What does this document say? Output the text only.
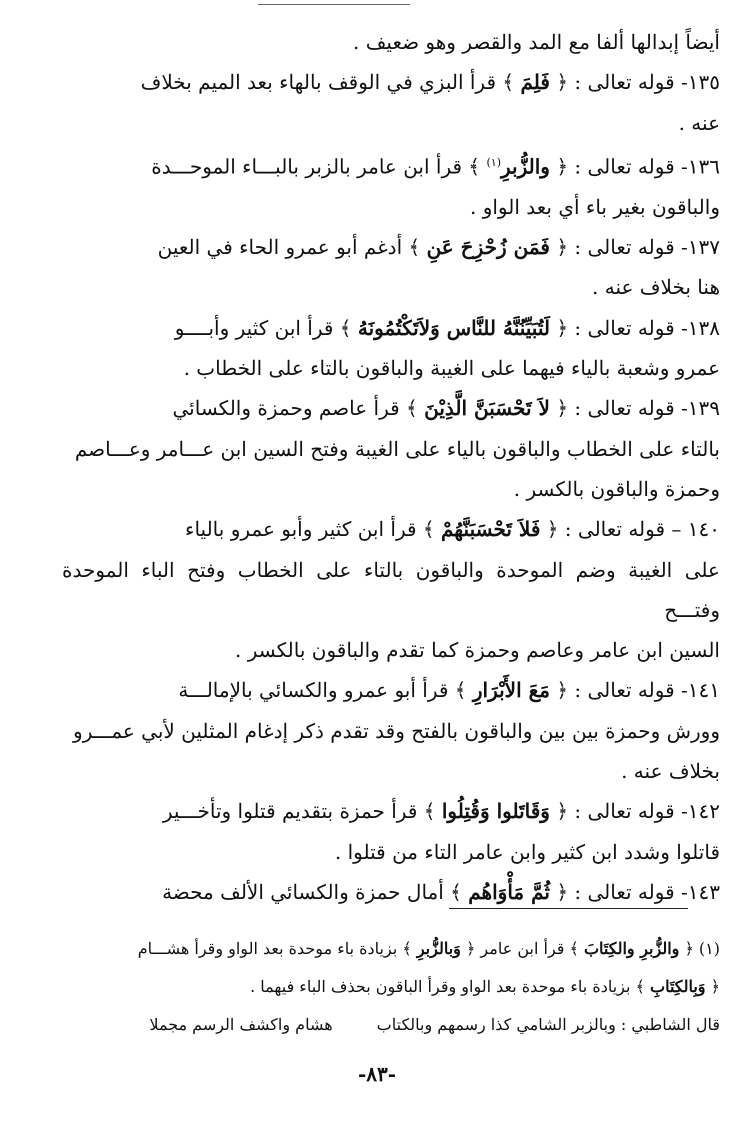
أيضاً إبدالها ألفا مع المد والقصر وهو ضعيف .

١٣٥- قوله تعالى : ﴿ فَلِمَ ﴾ قرأ البزي في الوقف بالهاء بعد الميم بخلاف
عنه .

١٣٦- قوله تعالى : ﴿ والزُّبرِ$^{(١)}$ ﴾ قرأ ابن عامر بالزبر بالبـــاء الموحـــدة
والباقون بغير باء أي بعد الواو .

١٣٧- قوله تعالى : ﴿ فَمَن زُحْزِحَ عَنِ ﴾ أدغم أبو عمرو الحاء في العين
هنا بخلاف عنه .

١٣٨- قوله تعالى : ﴿ لَتُبَيِّنُنَّهُ للنَّاس وَلاَتَكْتُمُونَهُ ﴾ قرأ ابن كثير وأبــــو
عمرو وشعبة بالياء فيهما على الغيبة والباقون بالتاء على الخطاب .

١٣٩- قوله تعالى : ﴿ لاَ تَحْسَبَنَّ الَّذِيْنَ ﴾ قرأ عاصم وحمزة والكسائي
بالتاء على الخطاب والباقون بالياء على الغيبة وفتح السين ابن عـــامر وعـــاصم
وحمزة والباقون بالكسر .

١٤٠ – قوله تعالى : ﴿ فَلاَ تَحْسَبَنَّهُمْ ﴾ قرأ ابن كثير وأبو عمرو بالياء
على الغيبة وضم الموحدة والباقون بالتاء على الخطاب وفتح الباء الموحدة وفتـــح
السين ابن عامر وعاصم وحمزة كما تقدم والباقون بالكسر .

١٤١- قوله تعالى : ﴿ مَعَ الأَبْرَارِ ﴾ قرأ أبو عمرو والكسائي بالإمالـــة
وورش وحمزة بين بين والباقون بالفتح وقد تقدم ذكر إدغام المثلين لأبي عمـــرو
بخلاف عنه .

١٤٢- قوله تعالى : ﴿ وَقَاتَلوا وَقُتِلُوا ﴾ قرأ حمزة بتقديم قتلوا وتأخـــير
قاتلوا وشدد ابن كثير وابن عامر التاء من قتلوا .

١٤٣- قوله تعالى : ﴿ ثُمَّ مَأْوَاهُم ﴾ أمال حمزة والكسائي الألف محضة

(١) ﴿ والزُّبرِ والكِتَابَ ﴾ قرأ ابن عامر ﴿ وَبالزُّبرِ ﴾ بزيادة باء موحدة بعد الواو وقرأ هشـــام

﴿ وَبِالكِتَابِ ﴾ بزيادة باء موحدة بعد الواو وقرأ الباقون بحذف الباء فيهما .

قال الشاطبي : وبالزبر الشامي كذا رسمهم وبالكتاب
هشام واكشف الرسم مجملا

-٨٣-
